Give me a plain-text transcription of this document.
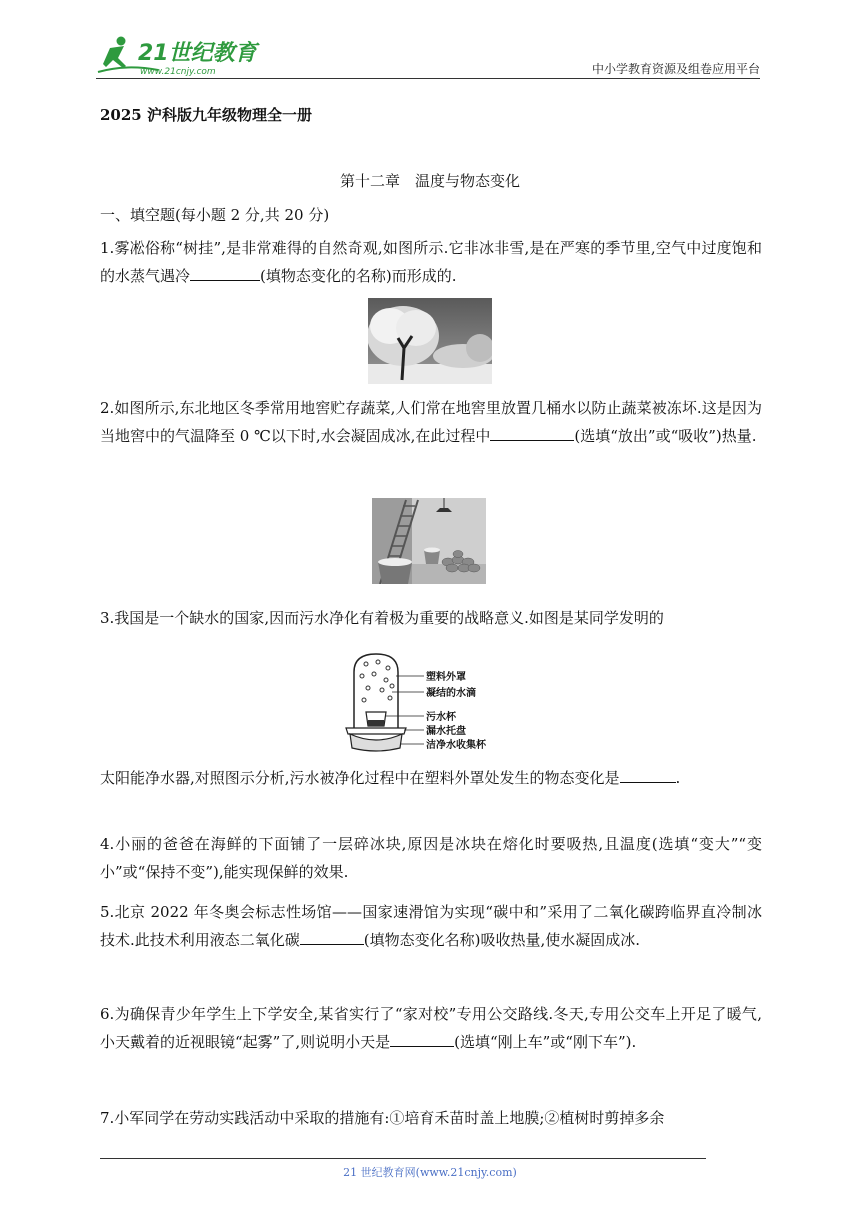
21世纪教育
www.21cnjy.com	中小学教育资源及组卷应用平台
2025 沪科版九年级物理全一册
第十二章　温度与物态变化
一、填空题(每小题 2 分,共 20 分)
1.雾凇俗称“树挂”,是非常难得的自然奇观,如图所示.它非冰非雪,是在严寒的季节里,空气中过度饱和的水蒸气遇冷	(填物态变化的名称)而形成的.
2.如图所示,东北地区冬季常用地窖贮存蔬菜,人们常在地窖里放置几桶水以防止蔬菜被冻坏.这是因为当地窖中的气温降至 0 ℃以下时,水会凝固成冰,在此过程中	(选填“放出”或“吸收”)热量.
3.我国是一个缺水的国家,因而污水净化有着极为重要的战略意义.如图是某同学发明的
塑料外罩
凝结的水滴
污水杯
漏水托盘
洁净水收集杯
太阳能净水器,对照图示分析,污水被净化过程中在塑料外罩处发生的物态变化是	.
4.小丽的爸爸在海鲜的下面铺了一层碎冰块,原因是冰块在熔化时要吸热,且温度(选填“变大”“变小”或“保持不变”),能实现保鲜的效果.
5.北京 2022 年冬奥会标志性场馆——国家速滑馆为实现“碳中和”采用了二氧化碳跨临界直冷制冰技术.此技术利用液态二氧化碳	(填物态变化名称)吸收热量,使水凝固成冰.
6.为确保青少年学生上下学安全,某省实行了“家对校”专用公交路线.冬天,专用公交车上开足了暖气,小天戴着的近视眼镜“起雾”了,则说明小天是	(选填“刚上车”或“刚下车”).
7.小军同学在劳动实践活动中采取的措施有:①培育禾苗时盖上地膜;②植树时剪掉多余
21 世纪教育网(www.21cnjy.com)
